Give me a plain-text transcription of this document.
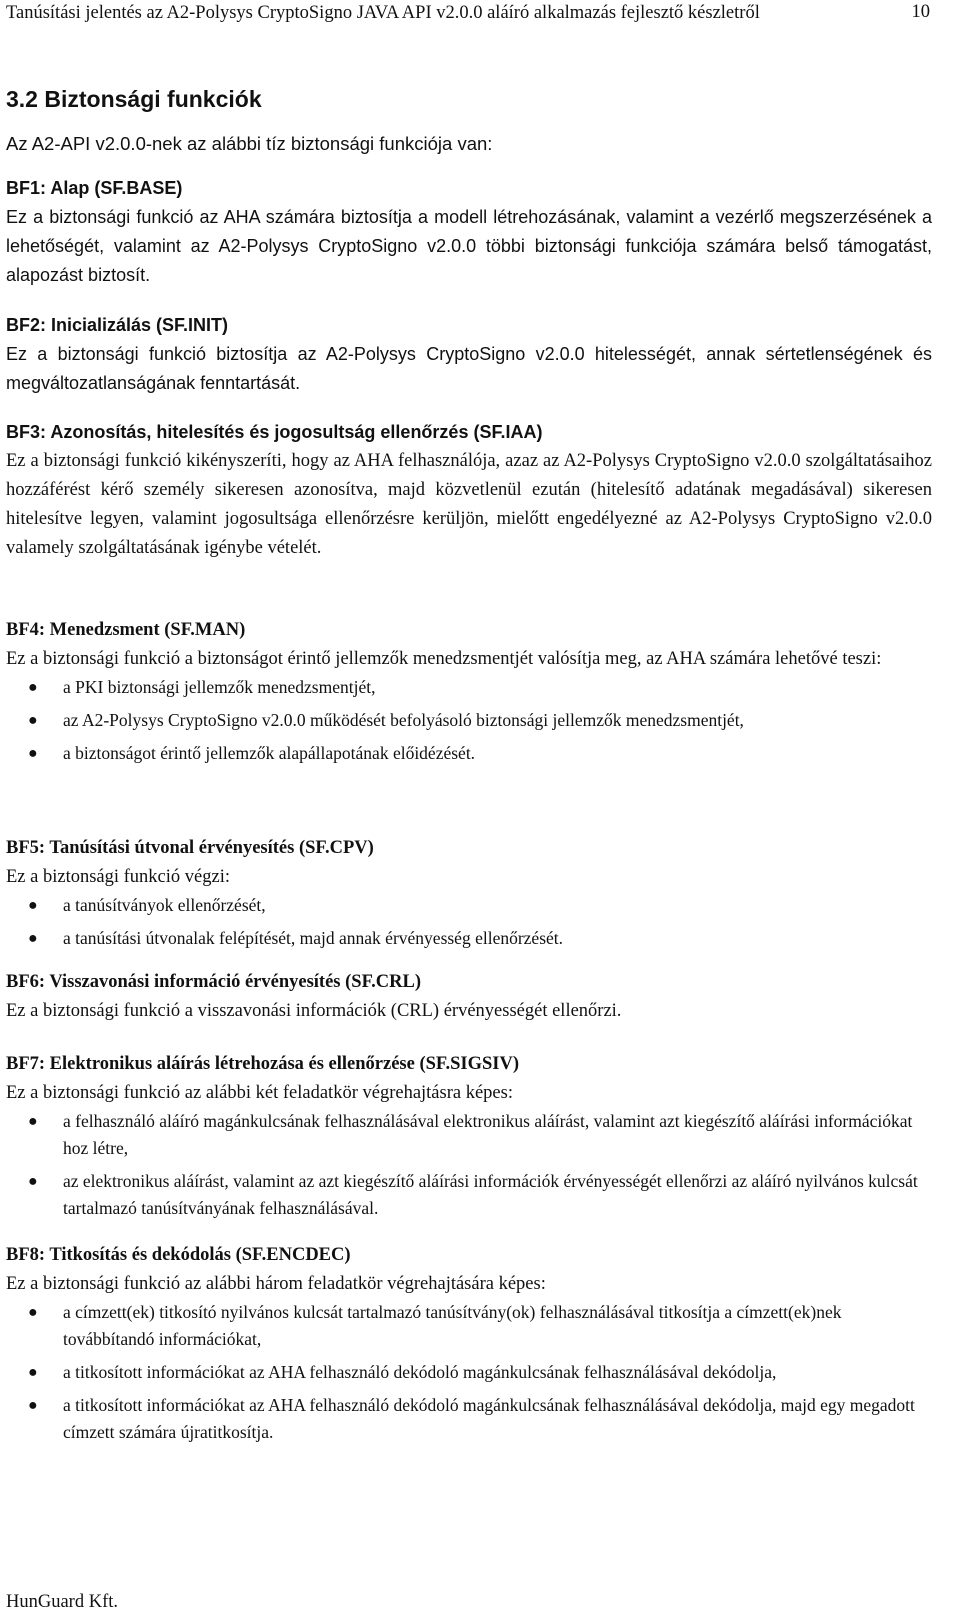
Tanúsítási jelentés az A2-Polysys CryptoSigno JAVA API v2.0.0 aláíró alkalmazás fejlesztő készletről	10
3.2 Biztonsági funkciók
Az A2-API v2.0.0-nek az alábbi tíz biztonsági funkciója van:
BF1: Alap (SF.BASE)
Ez a biztonsági funkció az AHA számára biztosítja a modell létrehozásának, valamint a vezérlő megszerzésének a lehetőségét, valamint az A2-Polysys CryptoSigno v2.0.0 többi biztonsági funkciója számára belső támogatást, alapozást biztosít.
BF2: Inicializálás (SF.INIT)
Ez a biztonsági funkció biztosítja az A2-Polysys CryptoSigno v2.0.0 hitelességét, annak sértetlenségének és megváltozatlanságának fenntartását.
BF3: Azonosítás, hitelesítés és jogosultság ellenőrzés (SF.IAA)
Ez a biztonsági funkció kikényszeríti, hogy az AHA felhasználója, azaz az A2-Polysys CryptoSigno v2.0.0 szolgáltatásaihoz hozzáférést kérő személy sikeresen azonosítva, majd közvetlenül ezután (hitelesítő adatának megadásával) sikeresen hitelesítve legyen, valamint jogosultsága ellenőrzésre kerüljön, mielőtt engedélyezné az A2-Polysys CryptoSigno v2.0.0 valamely szolgáltatásának igénybe vételét.
BF4: Menedzsment (SF.MAN)
Ez a biztonsági funkció a biztonságot érintő jellemzők menedzsmentjét valósítja meg, az AHA számára lehetővé teszi:
● a PKI biztonsági jellemzők menedzsmentjét,
● az A2-Polysys CryptoSigno v2.0.0 működését befolyásoló biztonsági jellemzők menedzsmentjét,
● a biztonságot érintő jellemzők alapállapotának előidézését.
BF5: Tanúsítási útvonal érvényesítés (SF.CPV)
Ez a biztonsági funkció végzi:
● a tanúsítványok ellenőrzését,
● a tanúsítási útvonalak felépítését, majd annak érvényesség ellenőrzését.
BF6: Visszavonási információ érvényesítés (SF.CRL)
Ez a biztonsági funkció a visszavonási információk (CRL) érvényességét ellenőrzi.
BF7: Elektronikus aláírás létrehozása és ellenőrzése (SF.SIGSIV)
Ez a biztonsági funkció az alábbi két feladatkör végrehajtásra képes:
● a felhasználó aláíró magánkulcsának felhasználásával elektronikus aláírást, valamint azt kiegészítő aláírási információkat hoz létre,
● az elektronikus aláírást, valamint az azt kiegészítő aláírási információk érvényességét ellenőrzi az aláíró nyilvános kulcsát tartalmazó tanúsítványának felhasználásával.
BF8: Titkosítás és dekódolás (SF.ENCDEC)
Ez a biztonsági funkció az alábbi három feladatkör végrehajtására képes:
● a címzett(ek) titkosító nyilvános kulcsát tartalmazó tanúsítvány(ok) felhasználásával titkosítja a címzett(ek)nek továbbítandó információkat,
● a titkosított információkat az AHA felhasználó dekódoló magánkulcsának felhasználásával dekódolja,
● a titkosított információkat az AHA felhasználó dekódoló magánkulcsának felhasználásával dekódolja, majd egy megadott címzett számára újratitkosítja.
HunGuard Kft.
